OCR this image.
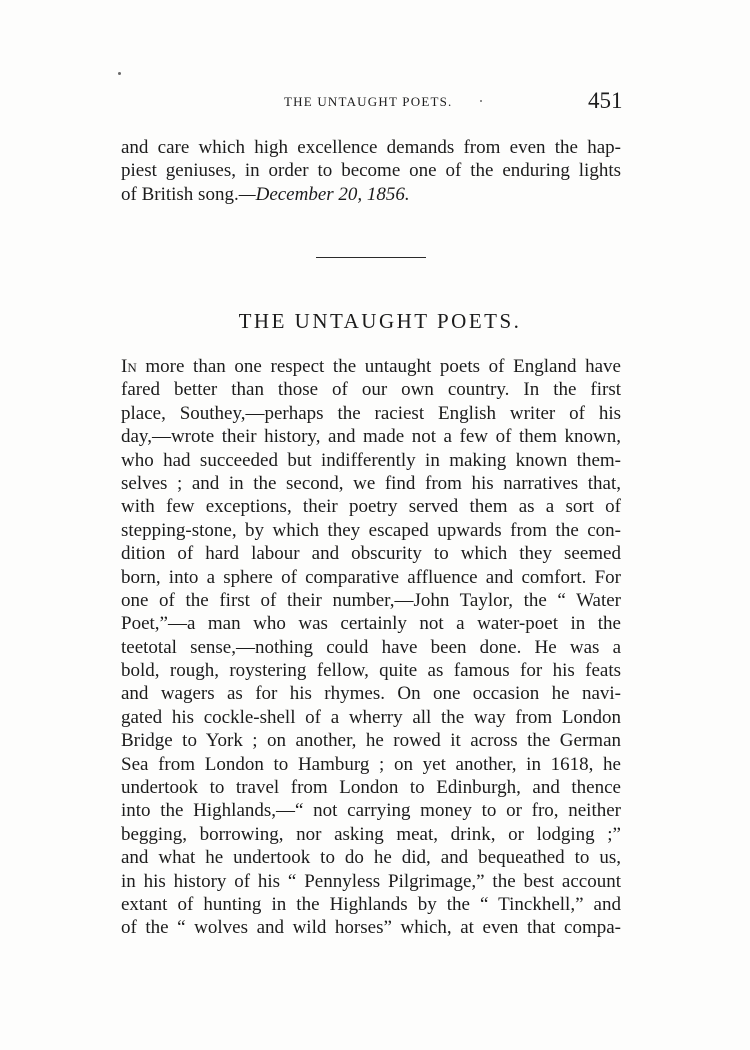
THE UNTAUGHT POETS.	451
and care which high excellence demands from even the hap-
piest geniuses, in order to become one of the enduring lights
of British song.—December 20, 1856.
THE UNTAUGHT POETS.
In more than one respect the untaught poets of England have
fared better than those of our own country. In the first
place, Southey,—perhaps the raciest English writer of his
day,—wrote their history, and made not a few of them known,
who had succeeded but indifferently in making known them-
selves ; and in the second, we find from his narratives that,
with few exceptions, their poetry served them as a sort of
stepping-stone, by which they escaped upwards from the con-
dition of hard labour and obscurity to which they seemed
born, into a sphere of comparative affluence and comfort. For
one of the first of their number,—John Taylor, the “ Water
Poet,”—a man who was certainly not a water-poet in the
teetotal sense,—nothing could have been done. He was a
bold, rough, roystering fellow, quite as famous for his feats
and wagers as for his rhymes. On one occasion he navi-
gated his cockle-shell of a wherry all the way from London
Bridge to York ; on another, he rowed it across the German
Sea from London to Hamburg ; on yet another, in 1618, he
undertook to travel from London to Edinburgh, and thence
into the Highlands,—“ not carrying money to or fro, neither
begging, borrowing, nor asking meat, drink, or lodging ;”
and what he undertook to do he did, and bequeathed to us,
in his history of his “ Pennyless Pilgrimage,” the best account
extant of hunting in the Highlands by the “ Tinckhell,” and
of the “ wolves and wild horses” which, at even that compa-
